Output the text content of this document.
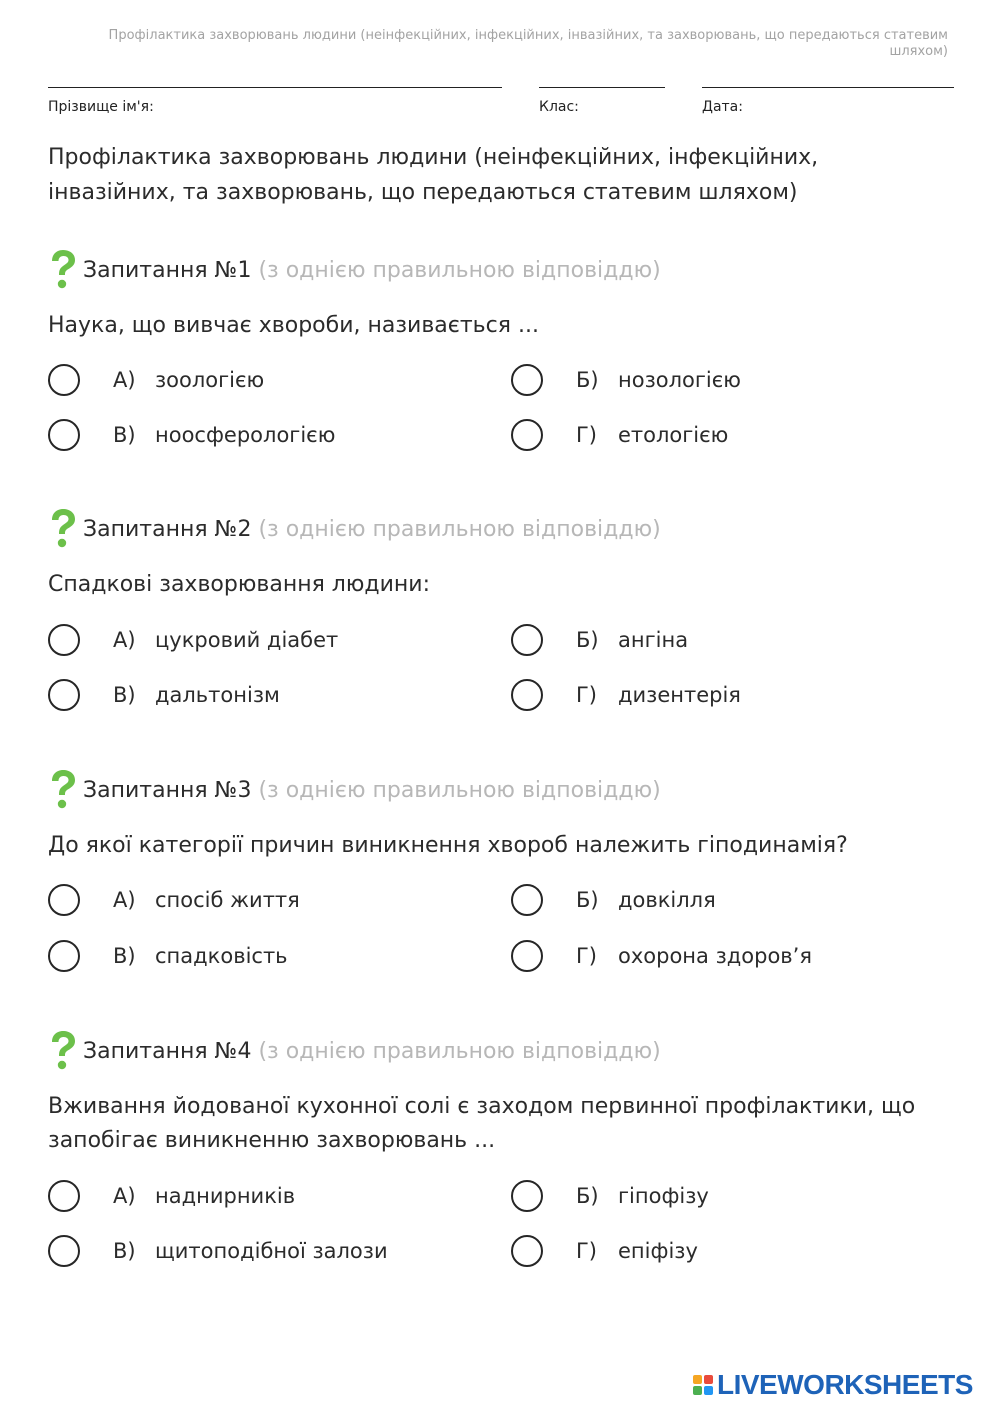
Профілактика захворювань людини (неінфекційних, інфекційних, інвазійних, та захворювань, що передаються статевим шляхом)
Прізвище ім'я:	Клас:	Дата:
Профілактика захворювань людини (неінфекційних, інфекційних, інвазійних, та захворювань, що передаються статевим шляхом)
Запитання №1 (з однією правильною відповіддю)
Наука, що вивчає хвороби, називається ...
А) зоологією	Б) нозологією
В) ноосферологією	Г)	етологією
Запитання №2 (з однією правильною відповіддю)
Спадкові захворювання людини:
А) цукровий діабет	Б) ангіна
В) дальтонізм	Г)	дизентерія
Запитання №3 (з однією правильною відповіддю)
До якої категорії причин виникнення хвороб належить гіподинамія?
А) спосіб життя	Б) довкілля
В) спадковість	Г)	охорона здоров’я
Запитання №4 (з однією правильною відповіддю)
Вживання йодованої кухонної солі є заходом первинної профілактики, що запобігає виникненню захворювань ...
А) наднирників	Б) гіпофізу
В) щитоподібної залози	Г)	епіфізу
LIVEWORKSHEETS
